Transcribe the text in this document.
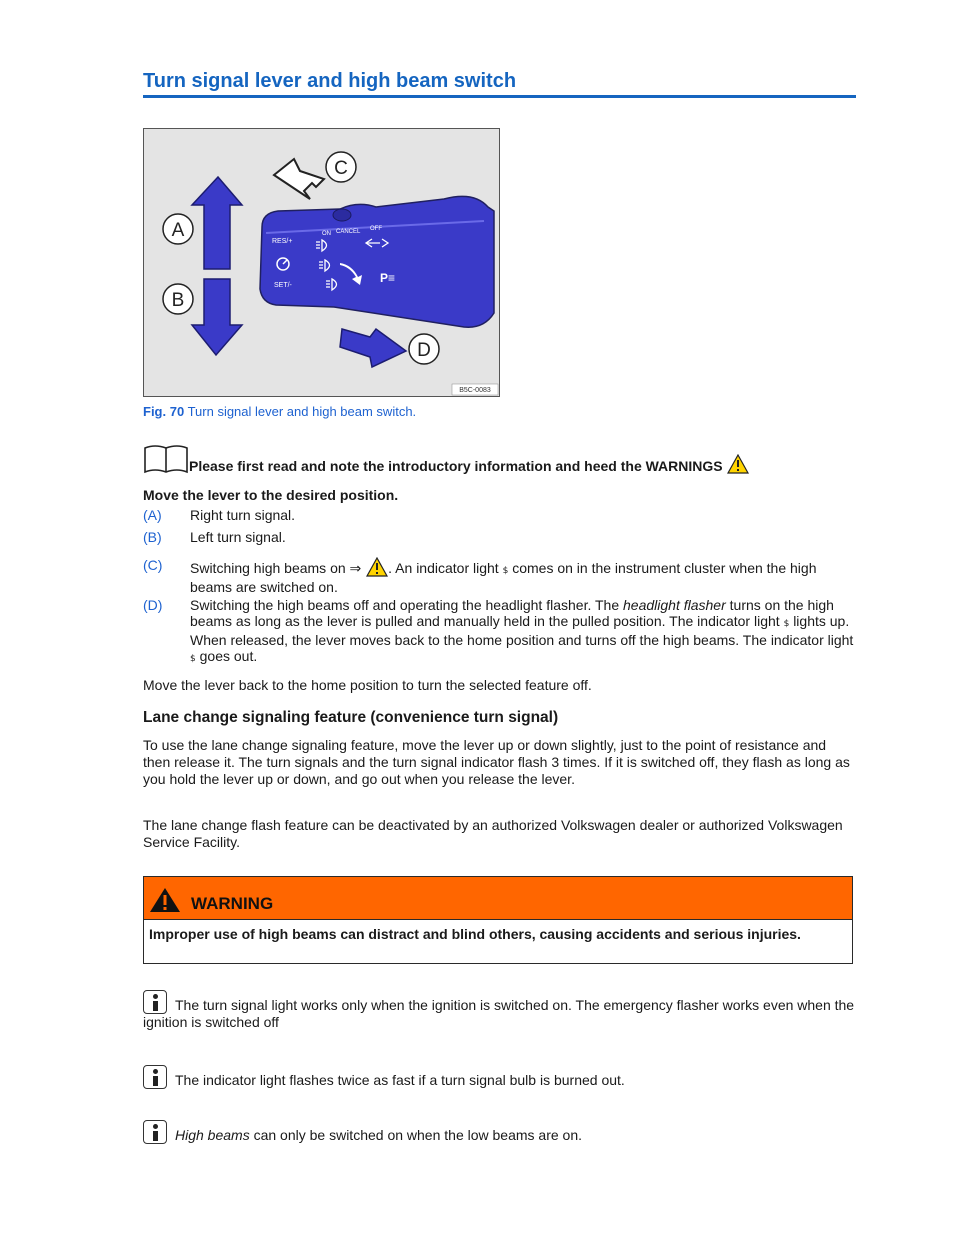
Turn signal lever and high beam switch
A
B
C
D
RES/+
SET/-
ON CANCEL OFF
P≡
B5C-0083
Fig. 70 Turn signal lever and high beam switch.
Please first read and note the introductory information and heed the WARNINGS
Move the lever to the desired position.
(A) Right turn signal.
(B) Left turn signal.
(C) Switching high beams on ⇒ . An indicator light $ comes on in the instrument cluster when the high beams are switched on.
(D) Switching the high beams off and operating the headlight flasher. The headlight flasher turns on the high beams as long as the lever is pulled and manually held in the pulled position. The indicator light $ lights up. When released, the lever moves back to the home position and turns off the high beams. The indicator light $ goes out.
Move the lever back to the home position to turn the selected feature off.
Lane change signaling feature (convenience turn signal)
To use the lane change signaling feature, move the lever up or down slightly, just to the point of resistance and then release it. The turn signals and the turn signal indicator flash 3 times. If it is switched off, they flash as long as you hold the lever up or down, and go out when you release the lever.
The lane change flash feature can be deactivated by an authorized Volkswagen dealer or authorized Volkswagen Service Facility.
WARNING
Improper use of high beams can distract and blind others, causing accidents and serious injuries.
The turn signal light works only when the ignition is switched on. The emergency flasher works even when the ignition is switched off
The indicator light flashes twice as fast if a turn signal bulb is burned out.
High beams can only be switched on when the low beams are on.
